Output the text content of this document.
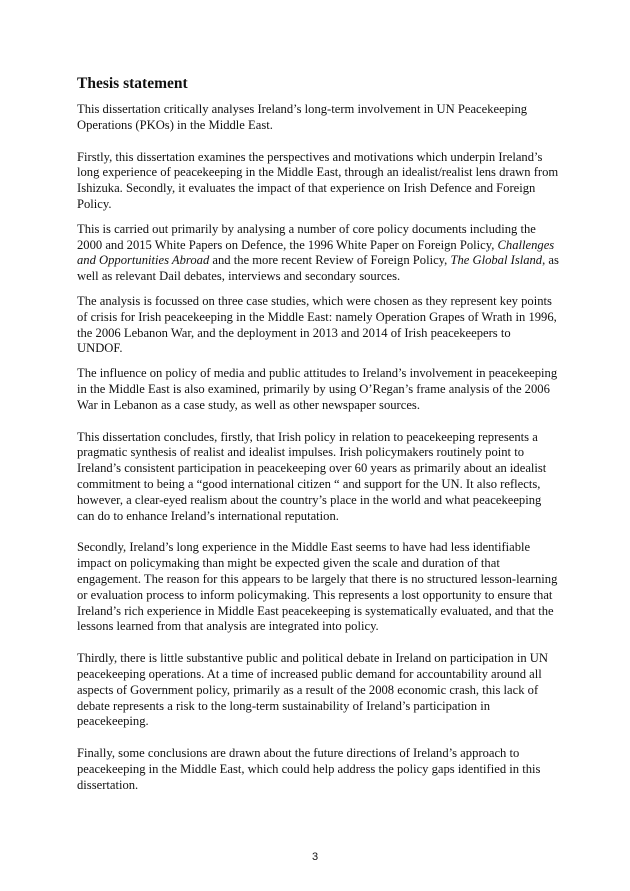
Thesis statement

This dissertation critically analyses Ireland’s long-term involvement in UN Peacekeeping Operations (PKOs) in the Middle East.

Firstly, this dissertation examines the perspectives and motivations which underpin Ireland’s long experience of peacekeeping in the Middle East, through an idealist/realist lens drawn from Ishizuka. Secondly, it evaluates the impact of that experience on Irish Defence and Foreign Policy.

This is carried out primarily by analysing a number of core policy documents including the 2000 and 2015 White Papers on Defence, the 1996 White Paper on Foreign Policy, Challenges and Opportunities Abroad and the more recent Review of Foreign Policy, The Global Island, as well as relevant Dail debates, interviews and secondary sources.

The analysis is focussed on three case studies, which were chosen as they represent key points of crisis for Irish peacekeeping in the Middle East: namely Operation Grapes of Wrath in 1996, the 2006 Lebanon War, and the deployment in 2013 and 2014 of Irish peacekeepers to UNDOF.

The influence on policy of media and public attitudes to Ireland’s involvement in peacekeeping in the Middle East is also examined, primarily by using O’Regan’s frame analysis of the 2006 War in Lebanon as a case study, as well as other newspaper sources.

This dissertation concludes, firstly, that Irish policy in relation to peacekeeping represents a pragmatic synthesis of realist and idealist impulses. Irish policymakers routinely point to Ireland’s consistent participation in peacekeeping over 60 years as primarily about an idealist commitment to being a “good international citizen “ and support for the UN. It also reflects, however, a clear-eyed realism about the country’s place in the world and what peacekeeping can do to enhance Ireland’s international reputation.

Secondly, Ireland’s long experience in the Middle East seems to have had less identifiable impact on policymaking than might be expected given the scale and duration of that engagement. The reason for this appears to be largely that there is no structured lesson-learning or evaluation process to inform policymaking. This represents a lost opportunity to ensure that Ireland’s rich experience in Middle East peacekeeping is systematically evaluated, and that the lessons learned from that analysis are integrated into policy.

Thirdly, there is little substantive public and political debate in Ireland on participation in UN peacekeeping operations. At a time of increased public demand for accountability around all aspects of Government policy, primarily as a result of the 2008 economic crash, this lack of debate represents a risk to the long-term sustainability of Ireland’s participation in peacekeeping.

Finally, some conclusions are drawn about the future directions of Ireland’s approach to peacekeeping in the Middle East, which could help address the policy gaps identified in this dissertation.

3
